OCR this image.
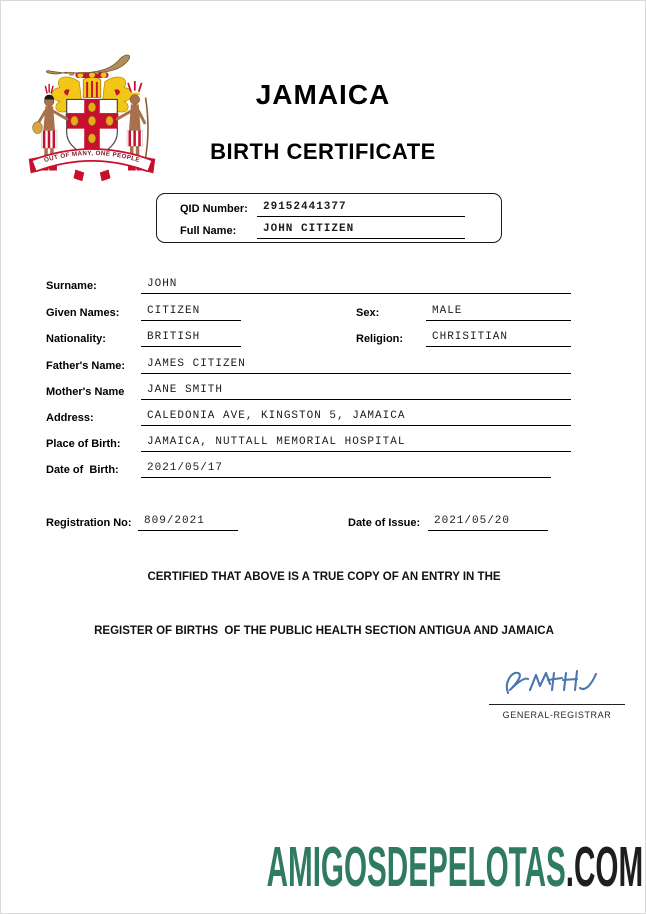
OUT OF MANY, ONE PEOPLE
JAMAICA
BIRTH CERTIFICATE
QID Number:	29152441377
Full Name:	JOHN CITIZEN
Surname:	JOHN
Given Names:	CITIZEN	Sex:	MALE
Nationality:	BRITISH	Religion:	CHRISITIAN
Father's Name:	JAMES CITIZEN
Mother's Name	JANE SMITH
Address:	CALEDONIA AVE, KINGSTON 5, JAMAICA
Place of Birth:	JAMAICA, NUTTALL MEMORIAL HOSPITAL
Date of  Birth:	2021/05/17
Registration No:	809/2021	Date of Issue:	2021/05/20
CERTIFIED THAT ABOVE IS A TRUE COPY OF AN ENTRY IN THE
REGISTER OF BIRTHS  OF THE PUBLIC HEALTH SECTION ANTIGUA AND JAMAICA
GENERAL-REGISTRAR
AMIGOSDEPELOTAS.COM
